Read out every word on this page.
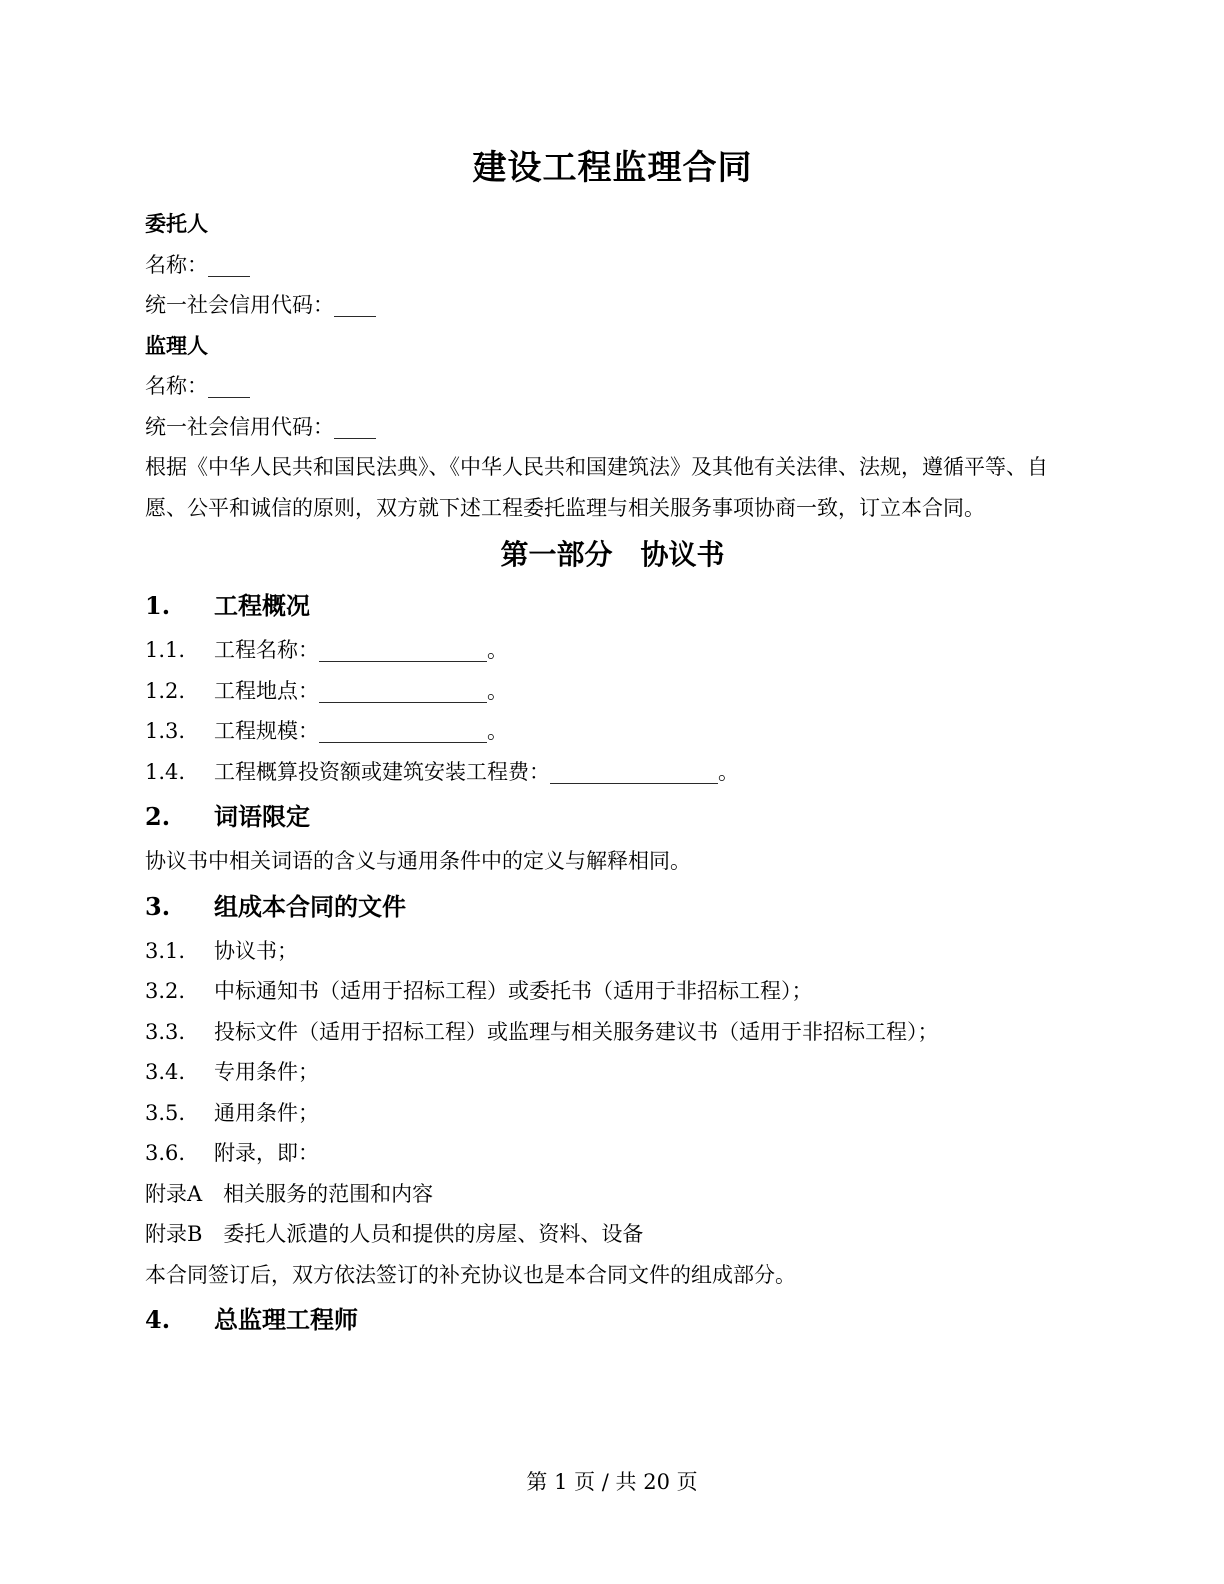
建设工程监理合同
委托人
名称：____
统一社会信用代码：____
监理人
名称：____
统一社会信用代码：____

根据《中华人民共和国民法典》、《中华人民共和国建筑法》及其他有关法律、法规，遵循平等、自愿、公平和诚信的原则，双方就下述工程委托监理与相关服务事项协商一致，订立本合同。

第一部分　协议书
1. 工程概况
1.1. 工程名称：________________。
1.2. 工程地点：________________。
1.3. 工程规模：________________。
1.4. 工程概算投资额或建筑安装工程费：________________。
2. 词语限定
协议书中相关词语的含义与通用条件中的定义与解释相同。
3. 组成本合同的文件
3.1. 协议书；
3.2. 中标通知书（适用于招标工程）或委托书（适用于非招标工程）；
3.3. 投标文件（适用于招标工程）或监理与相关服务建议书（适用于非招标工程）；
3.4. 专用条件；
3.5. 通用条件；
3.6. 附录，即：
附录A　相关服务的范围和内容
附录B　委托人派遣的人员和提供的房屋、资料、设备
本合同签订后，双方依法签订的补充协议也是本合同文件的组成部分。
4. 总监理工程师
第 1 页 / 共 20 页
